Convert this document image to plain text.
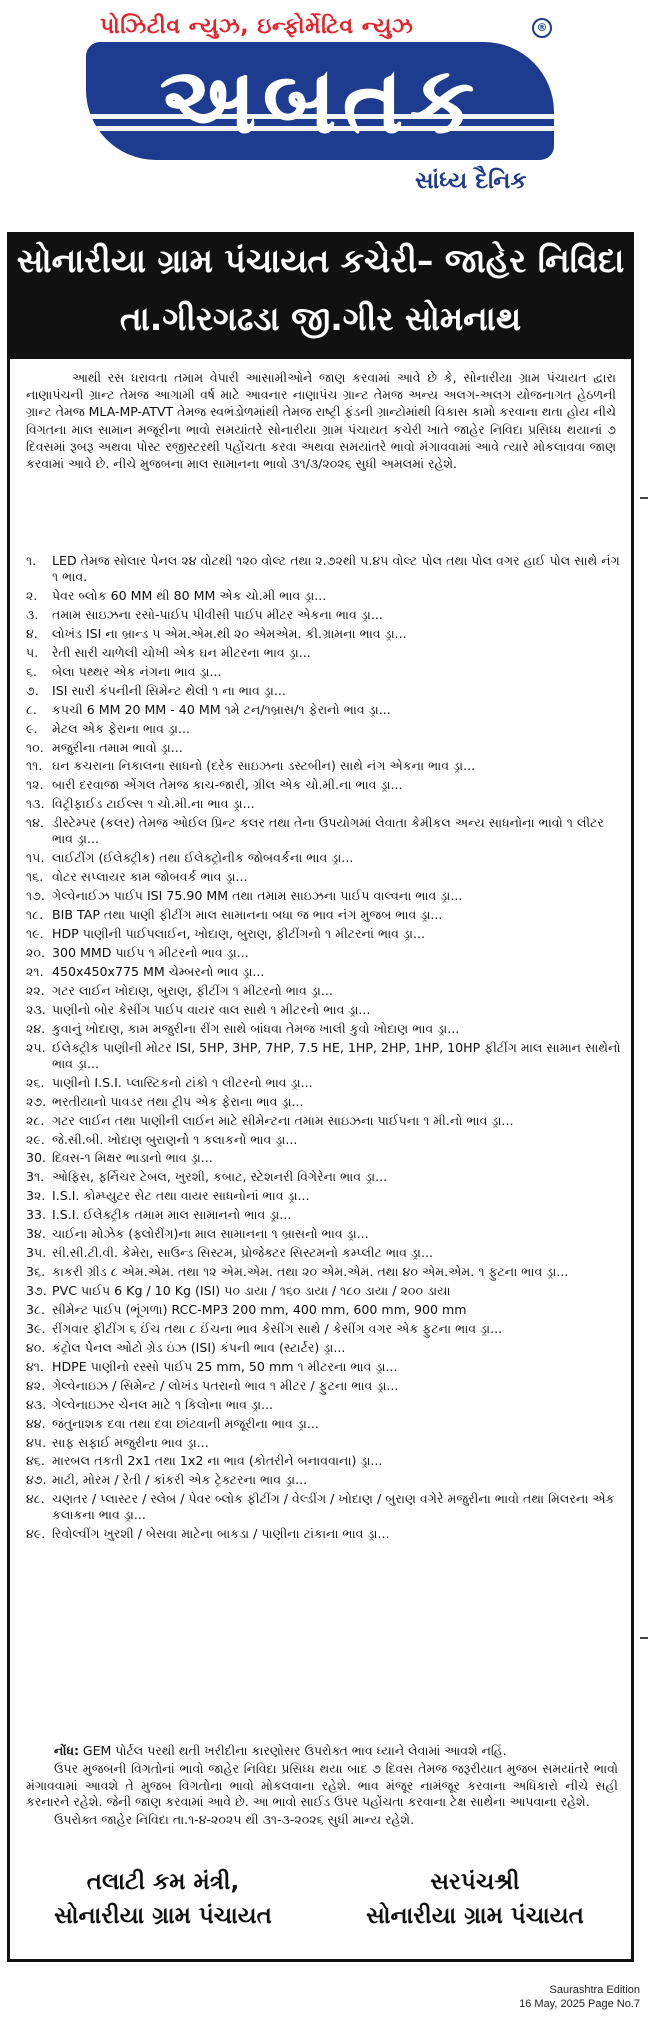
પોઝિટીવ ન્યુઝ, ઇન્ફોર્મેટિવ ન્યુઝ	®
અબતક
સાંધ્ય દૈનિક
સોનારીયા ગ્રામ પંચાયત કચેરી– જાહેર નિવિદા
તા.ગીરગઢડા જી.ગીર સોમનાથ
આથી રસ ધરાવતા તમામ વેપારી આસામીઓને જાણ કરવામાં આવે છે કે, સોનારીયા ગ્રામ પંચાયત દ્વારા નાણાપંચની ગ્રાન્ટ તેમજ આગામી વર્ષ માટે આવનાર નાણાપંચ ગ્રાન્ટ તેમજ અન્ય અલગ-અલગ યોજનાગત હેઠળની ગ્રાન્ટ તેમજ MLA-MP-ATVT તેમજ સ્વભંડોળમાંથી તેમજ રાષ્ટ્રી ફંડની ગ્રાન્ટોમાંથી વિકાસ કામો કરવાના થતા હોય નીચે વિગતના માલ સામાન મજૂરીના ભાવો સમયાંતરે સોનારીયા ગ્રામ પંચાયત કચેરી ખાતે જાહેર નિવિદા પ્રસિધ્ધ થયાનાં ૭ દિવસમાં રૂબરૂ અથવા પોસ્ટ રજીસ્ટરથી પહોંચતા કરવા અથવા સમયાંતરે ભાવો મંગાવવામાં આવે ત્યારે મોકલાવવા જાણ કરવામાં આવે છે. નીચે મુજબના માલ સામાનના ભાવો ૩૧/૩/૨૦૨૬ સુધી અમલમાં રહેશે.
૧.	LED તેમજ સોલાર પેનલ ૨૪ વોટથી ૧૨૦ વોલ્ટ તથા ૨.૭૨થી ૫.૪૫ વોલ્ટ પોલ તથા પોલ વગર હાઈ પોલ સાથે નંગ ૧ ભાવ.
૨.	પેવર બ્લોક 60 MM થી 80 MM એક ચો.મી ભાવ ડ્રા...
૩.	તમામ સાઇઝના રસો-પાઈપ પીવીસી પાઈપ મીટર એકના ભાવ ડ્રા...
૪.	લોખંડ ISI ના બ્રાન્ડ ૫ એમ.એમ.થી ૨૦ એમએમ. કી.ગ્રામના ભાવ ડ્રા...
૫.	રેતી સારી ચાળેલી ચોખી એક ઘન મીટરના ભાવ ડ્રા...
૬.	બેલા પથ્થર એક નંગના ભાવ ડ્રા...
૭.	ISI સારી કંપનીની સિમેન્ટ થેલી ૧ ના ભાવ ડ્રા...
૮.	કપચી 6 MM 20 MM - 40 MM ૧મે ટન/૧બ્રાસ/૧ ફેરાનો ભાવ ડ્રા...
૯.	મેટલ એક ફેરાના ભાવ ડ્રા...
૧૦. મજુરીના તમામ ભાવો ડ્રા...
૧૧. ઘન કચરાના નિકાલના સાધનો (દરેક સાઇઝના ડસ્ટબીન) સાથે નંગ એકના ભાવ ડ્રા...
૧૨. બારી દરવાજા એંગલ તેમજ કાચ-જારી, ગ્રીલ એક ચો.મી.ના ભાવ ડ્રા...
૧૩. વિટ્રીફાઈડ ટાઈલ્સ ૧ ચો.મી.ના ભાવ ડ્રા...
૧૪. ડીસ્ટેમ્પર (કલર) તેમજ ઓઈલ પ્રિન્ટ કલર તથા તેના ઉપયોગમાં લેવાતા કેમીકલ અન્ય સાધનોના ભાવો ૧ લીટર ભાવ ડ્રા...
૧૫. લાઈટીંગ (ઈલેક્ટ્રીક) તથા ઈલેક્ટ્રોનીક જોબવર્કના ભાવ ડ્રા...
૧૬. વોટર સપ્લાયર કામ જોબવર્ક ભાવ ડ્રા...
૧૭. ગેલ્વેનાઈઝ પાઈપ ISI 75.90 MM તથા તમામ સાઇઝના પાઈપ વાલ્વના ભાવ ડ્રા...
૧૮. BIB TAP તથા પાણી ફીટીંગ માલ સામાનના બધા જ ભાવ નંગ મુજબ ભાવ ડ્રા...
૧૯. HDP પાણીની પાઈપલાઈન, ખોદાણ, બુરાણ, ફીટીંગનો ૧ મીટરનાં ભાવ ડ્રા...
૨૦. 300 MMD પાઈપ ૧ મીટરનો ભાવ ડ્રા...
૨૧. 450x450x775 MM ચેમ્બરનો ભાવ ડ્રા...
૨૨. ગટર લાઈન ખોદાણ, બુરાણ, ફીટીંગ ૧ મીટરનો ભાવ ડ્રા...
૨૩. પાણીનો બોર કેસીંગ પાઈપ વાયર વાલ સાથે ૧ મીટરનો ભાવ ડ્રા...
૨૪. કુવાનું ખોદાણ, કામ મજુરીના રીંગ સાથે બાંધવા તેમજ ખાલી કુવો ખોદાણ ભાવ ડ્રા...
૨૫. ઈલેક્ટ્રીક પાણીની મોટર ISI, 5HP, 3HP, 7HP, 7.5 HE, 1HP, 2HP, 1HP, 10HP ફીટીંગ માલ સામાન સાથેનો ભાવ ડ્રા...
૨૬. પાણીનો I.S.I. પ્લાસ્ટિકનો ટાંકો ૧ લીટરનો ભાવ ડ્રા...
૨૭. ભરતીયાનો પાવડર તથા ટ્રીપ એક ફેરાના ભાવ ડ્રા...
૨૮. ગટર લાઈન તથા પાણીની લાઈન માટે સીમેન્ટના તમામ સાઇઝના પાઈપના ૧ મી.નો ભાવ ડ્રા...
૨૯. જે.સી.બી. ખોદાણ બુરાણનો ૧ કલાકનો ભાવ ડ્રા...
30. દિવસ-૧ મિક્ષર ભાડાનો ભાવ ડ્રા...
3૧. ઓફિસ, ફર્નિચર ટેબલ, ખુરશી, કબાટ, સ્ટેશનરી વિગેરેના ભાવ ડ્રા...
3૨. I.S.I. કોમ્પ્યુટર સેટ તથા વાયર સાધનોનાં ભાવ ડ્રા...
33. I.S.I. ઈલેક્ટ્રીક તમામ માલ સામાનનો ભાવ ડ્રા...
3૪. ચાઈના મોઝેક (ફ્લોરીંગ)ના માલ સામાનના ૧ બ્રાસનો ભાવ ડ્રા...
3૫. સી.સી.ટી.વી. કેમેરા, સાઉન્ડ સિસ્ટમ, પ્રોજેક્ટર સિસ્ટમનો કમ્પ્લીટ ભાવ ડ્રા...
3૬. કાકરી ગ્રીડ ૮ એમ.એમ. તથા ૧૨ એમ.એમ. તથા ૨૦ એમ.એમ. તથા ૪૦ એમ.એમ. ૧ ફુટના ભાવ ડ્રા...
3૭. PVC પાઈપ 6 Kg / 10 Kg (ISI) ૫૦ ડાયા / ૧૬૦ ડાયા / ૧૮૦ ડાયા / ૨૦૦ ડાયા
3૮. સીમેન્ટ પાઈપ (ભૂંગળા) RCC-MP3 200 mm, 400 mm, 600 mm, 900 mm
3૯. રીંગવાર ફીટીંગ ૬ ઈંચ તથા ૮ ઈંચના ભાવ કેસીંગ સાથે / કેસીંગ વગર એક ફુટના ભાવ ડ્રા...
૪૦. કંટ્રોલ પેનલ ઓટો ગ્રેડ ઇંઝ (ISI) કંપની ભાવ (સ્ટાર્ટર) ડ્રા...
૪૧. HDPE પાણીનો રસ્સો પાઈપ 25 mm, 50 mm ૧ મીટરના ભાવ ડ્રા...
૪૨. ગેલ્વેનાઇઝ / સિમેન્ટ / લોખંડ પતરાનો ભાવ ૧ મીટર / ફુટના ભાવ ડ્રા...
૪૩. ગેલ્વેનાઇઝર ચેનલ માટે ૧ કિલોના ભાવ ડ્રા...
૪૪. જંતુનાશક દવા તથા દવા છાંટવાની મજૂરીના ભાવ ડ્રા...
૪૫. સાફ સફાઈ મજુરીના ભાવ ડ્રા...
૪૬. મારબલ તકતી 2x1 તથા 1x2 ના ભાવ (કોતરીને બનાવવાના) ડ્રા...
૪૭. માટી, મોરમ / રેતી / કાંકરી એક ટ્રેક્ટરના ભાવ ડ્રા...
૪૮. ચણતર / પ્લાસ્ટર / સ્લેબ / પેવર બ્લોક ફીટીંગ / વેલ્ડીંગ / ખોદાણ / બુરાણ વગેરે મજુરીના ભાવો તથા મિલરના એક કલાકના ભાવ ડ્રા...
૪૯. રિવોલ્વીંગ ખુરશી / બેસવા માટેના બાકડા / પાણીના ટાંકાના ભાવ ડ્રા...

નોંધ: GEM પોર્ટલ પરથી થતી ખરીદીના કારણોસર ઉપરોક્ત ભાવ ધ્યાને લેવામાં આવશે નહિં.

ઉપર મુજબની વિગતોનાં ભાવો જાહેર નિવિદા પ્રસિધ્ધ થયા બાદ ૭ દિવસ તેમજ જરૂરીયાત મુજબ સમયાંતરે ભાવો મંગાવવામાં આવશે તે મુજબ વિગતોના ભાવો મોકલવાના રહેશે. ભાવ મંજૂર નામંજૂર કરવાના અધિકારો નીચે સહી કરનારને રહેશે. જેની જાણ કરવામાં આવે છે. આ ભાવો સાઈડ ઉપર પહોંચતા કરવાના ટેક્ષ સાથેના આપવાના રહેશે.

ઉપરોક્ત જાહેર નિવિદા તા.૧-૪-૨૦૨૫ થી ૩૧-૩-૨૦૨૬ સુધી માન્ય રહેશે.

તલાટી કમ મંત્રી,
સોનારીયા ગ્રામ પંચાયત
સરપંચશ્રી
સોનારીયા ગ્રામ પંચાયત
Saurashtra Edition
16 May, 2025 Page No.7
